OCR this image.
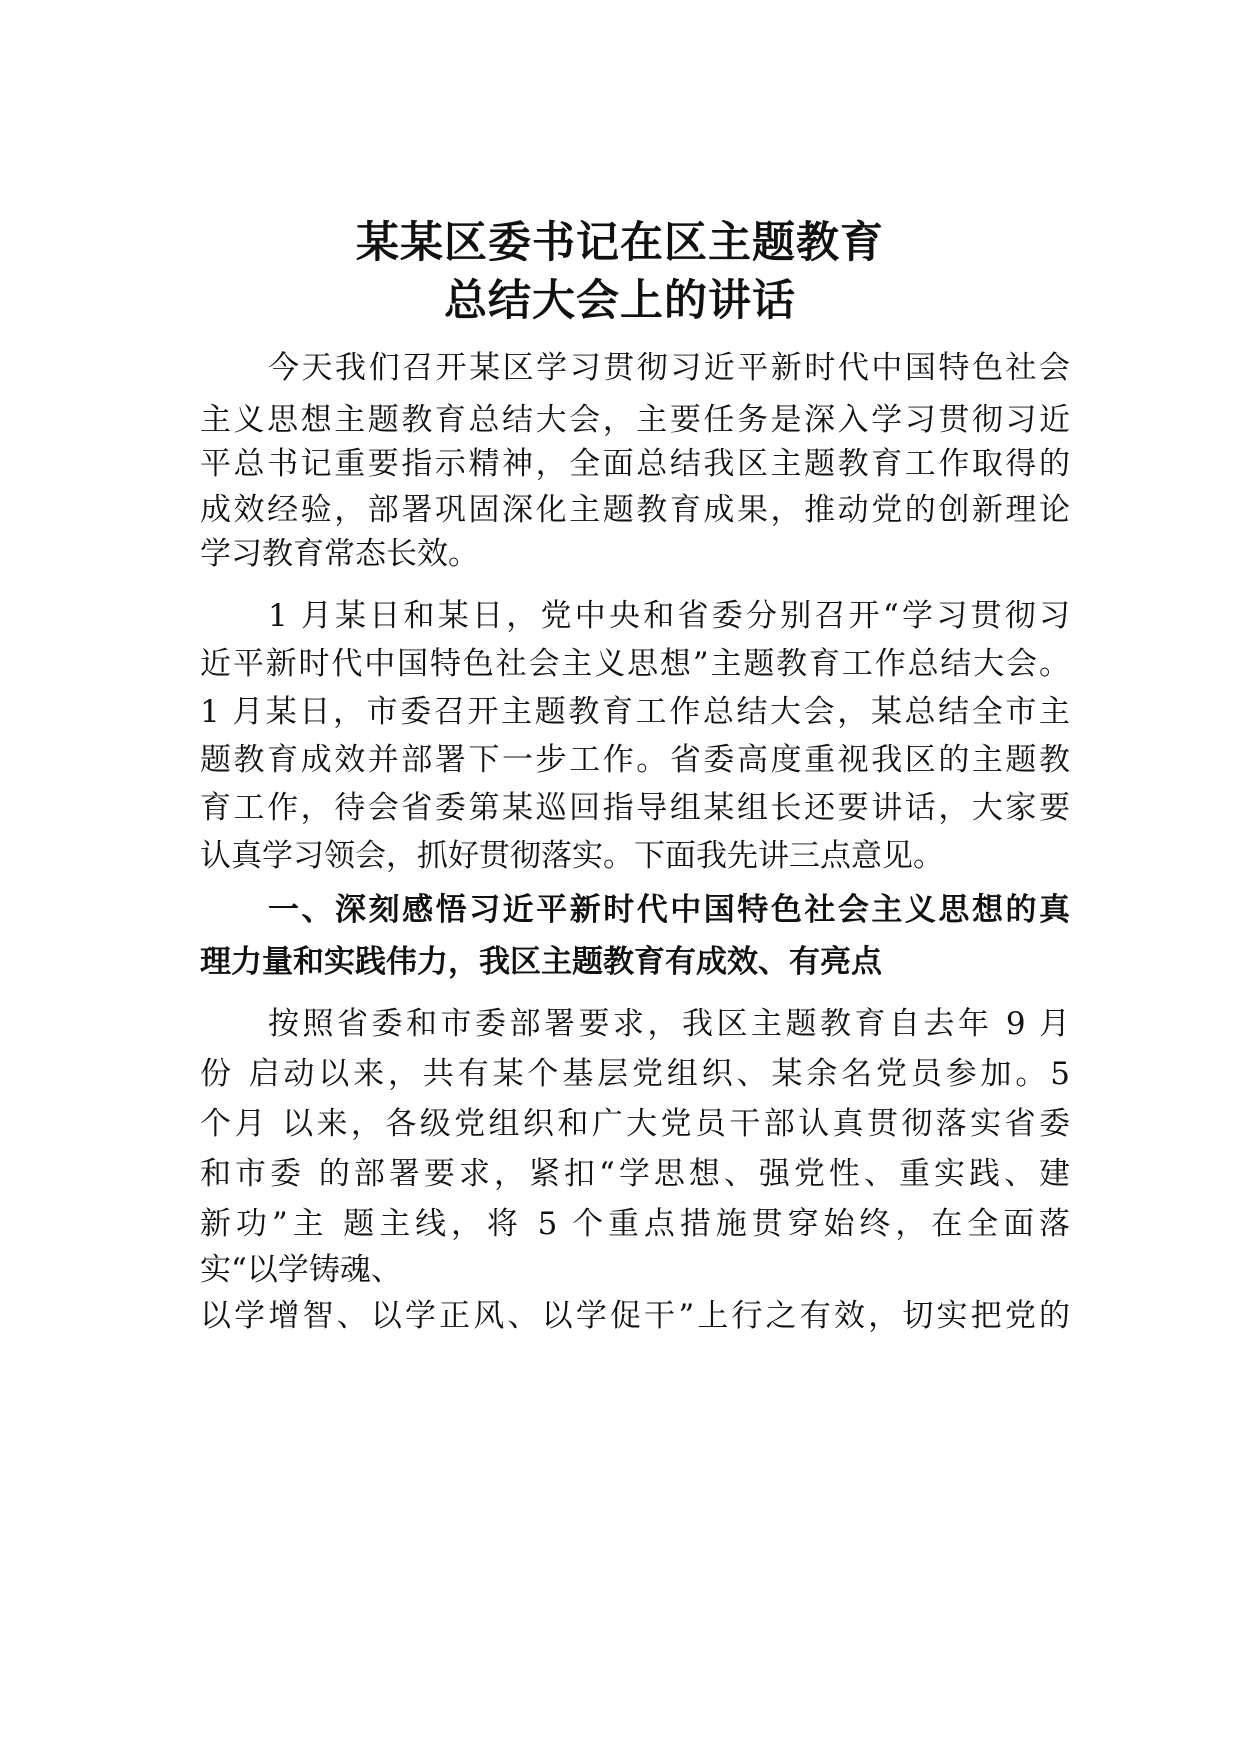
某某区委书记在区主题教育
总结大会上的讲话
今天我们召开某区学习贯彻习近平新时代中国特色社会
主义思想主题教育总结大会，主要任务是深入学习贯彻习近
平总书记重要指示精神，全面总结我区主题教育工作取得的
成效经验，部署巩固深化主题教育成果，推动党的创新理论
学习教育常态长效。
1 月某日和某日，党中央和省委分别召开“学习贯彻习
近平新时代中国特色社会主义思想”主题教育工作总结大会。
1 月某日，市委召开主题教育工作总结大会，某总结全市主
题教育成效并部署下一步工作。省委高度重视我区的主题教
育工作，待会省委第某巡回指导组某组长还要讲话，大家要
认真学习领会，抓好贯彻落实。下面我先讲三点意见。
一、深刻感悟习近平新时代中国特色社会主义思想的真
理力量和实践伟力，我区主题教育有成效、有亮点
按照省委和市委部署要求，我区主题教育自去年 9 月
份 启动以来，共有某个基层党组织、某余名党员参加。5
个月 以来，各级党组织和广大党员干部认真贯彻落实省委
和市委 的部署要求，紧扣“学思想、强党性、重实践、建
新功”主 题主线，将 5 个重点措施贯穿始终，在全面落
实“以学铸魂、
以学增智、以学正风、以学促干”上行之有效，切实把党的
